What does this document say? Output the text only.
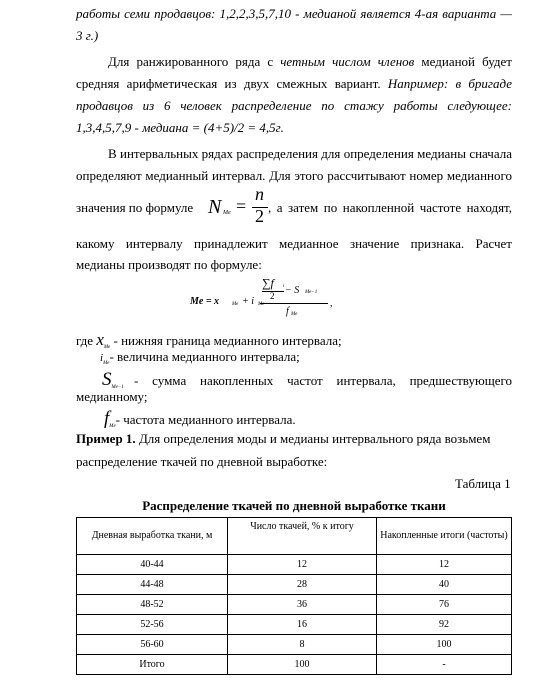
работы семи продавцов: 1,2,2,3,5,7,10 - медианой является 4-ая варианта —
3 г.)
Для ранжированного ряда с четным числом членов медианой будет
средняя арифметическая из двух смежных вариант. Например: в бригаде
продавцов из 6 человек распределение по стажу работы следующее:
1,3,4,5,7,9 - медиана = (4+5)/2 = 4,5г.
В интервальных рядах распределения для определения медианы сначала
определяют медианный интервал. Для этого рассчитывают номер медианного
значения по формуле N Me =
n
2 , а затем по накопленной частоте находят,
какому интервалу принадлежит медианное значение признака. Расчет
медианы производят по формуле:
Me = x	Me + i Me
∑f i
2 − S Me−1
f Me
,
где $x_{Me}$ - нижняя граница медианного интервала;
$i_{Me}-$ величина медианного интервала;
$S_{Me-1}$ - сумма накопленных частот интервала, предшествующего
медианному;
$f_{Me}-$ частота медианного интервала.
Пример 1. Для определения моды и медианы интервального ряда возьмем
распределение ткачей по дневной выработке:
Таблица 1
Распределение ткачей по дневной выработке ткани
Дневная выработка ткани, м	Число ткачей, % к итогу	Накопленные итоги (частоты)
40-44	12	12
44-48	28	40
48-52	36	76
52-56	16	92
56-60	8	100
Итого	100	-
